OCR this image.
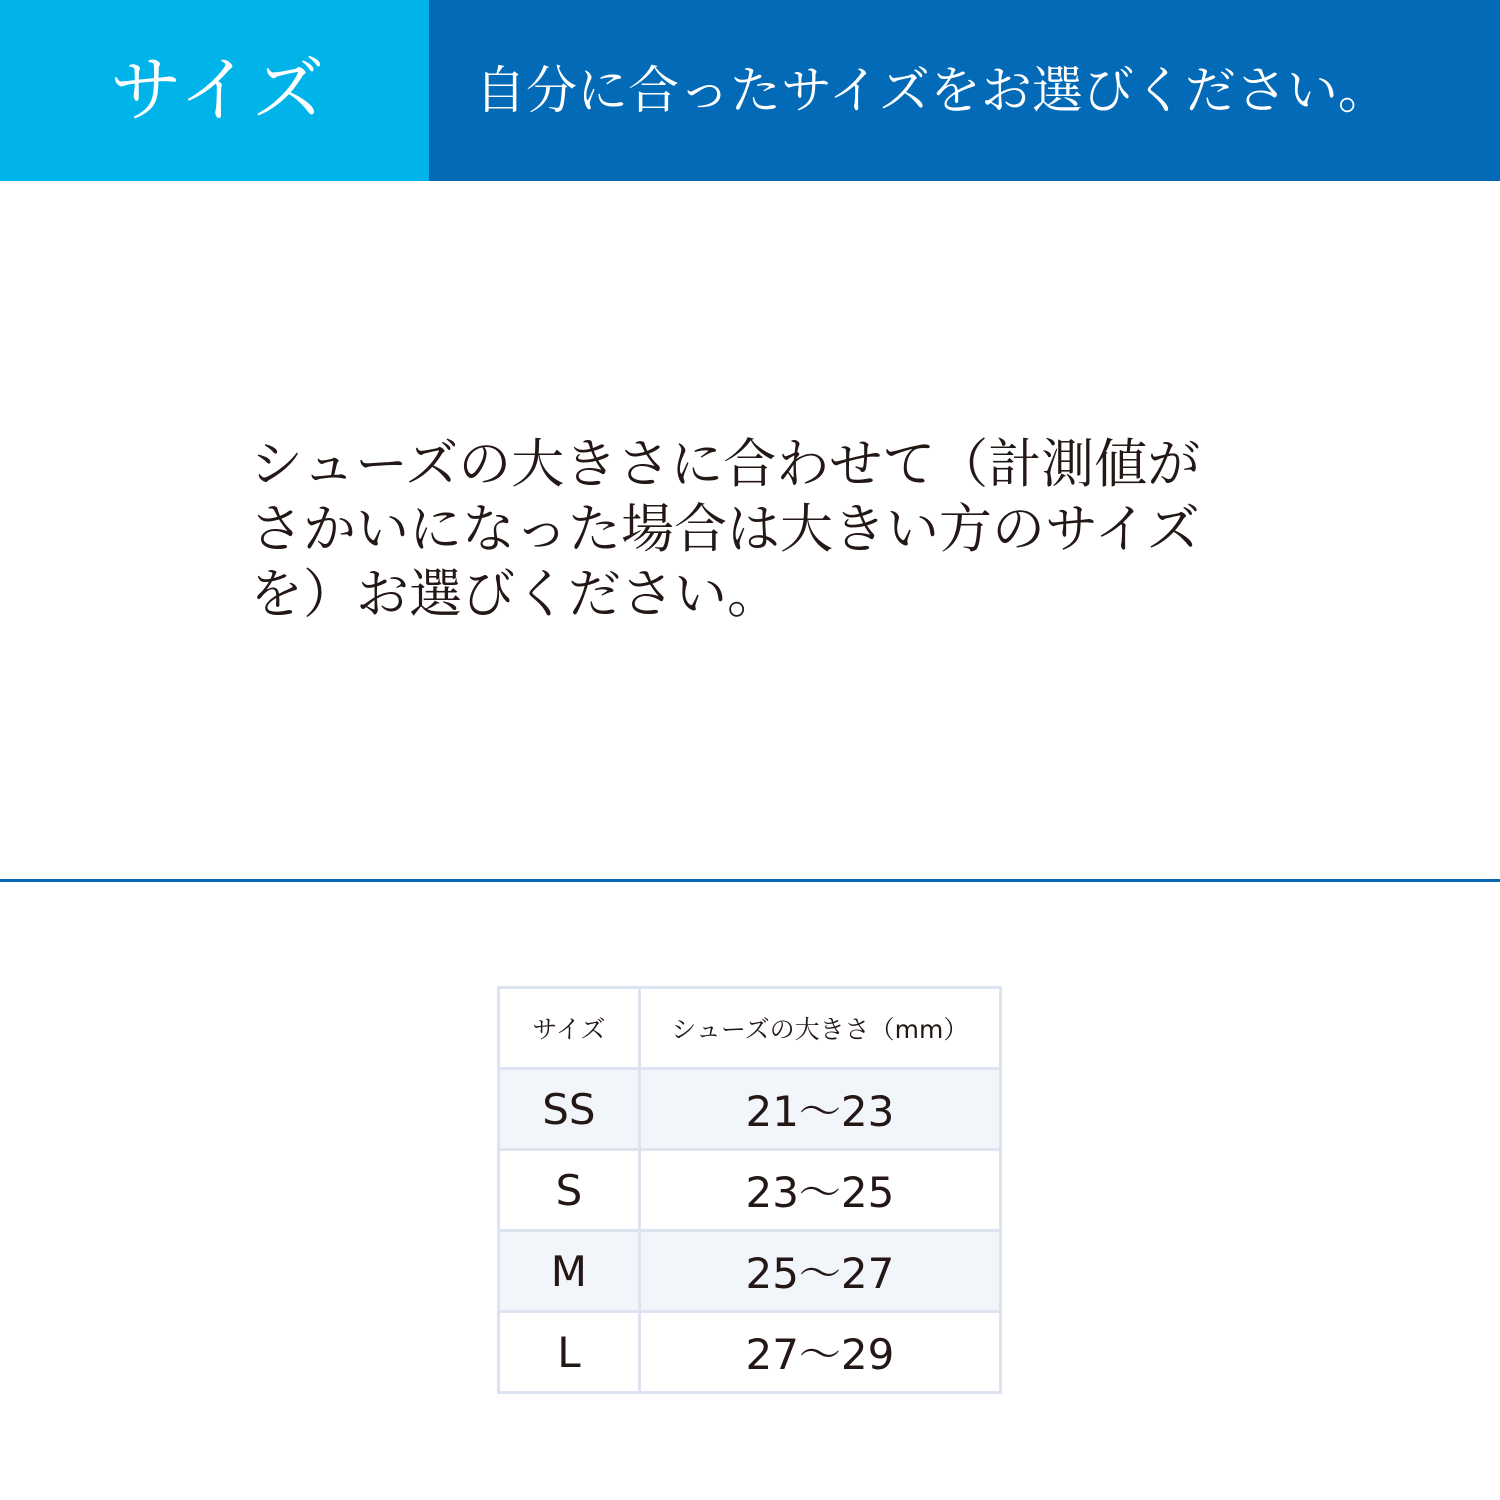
サイズ	自分に合ったサイズをお選びください。

シューズの大きさに合わせて（計測値が
さかいになった場合は大きい方のサイズ
を）お選びください。

サイズ	シューズの大きさ（mm）
SS	21〜23
S	23〜25
M	25〜27
L	27〜29
